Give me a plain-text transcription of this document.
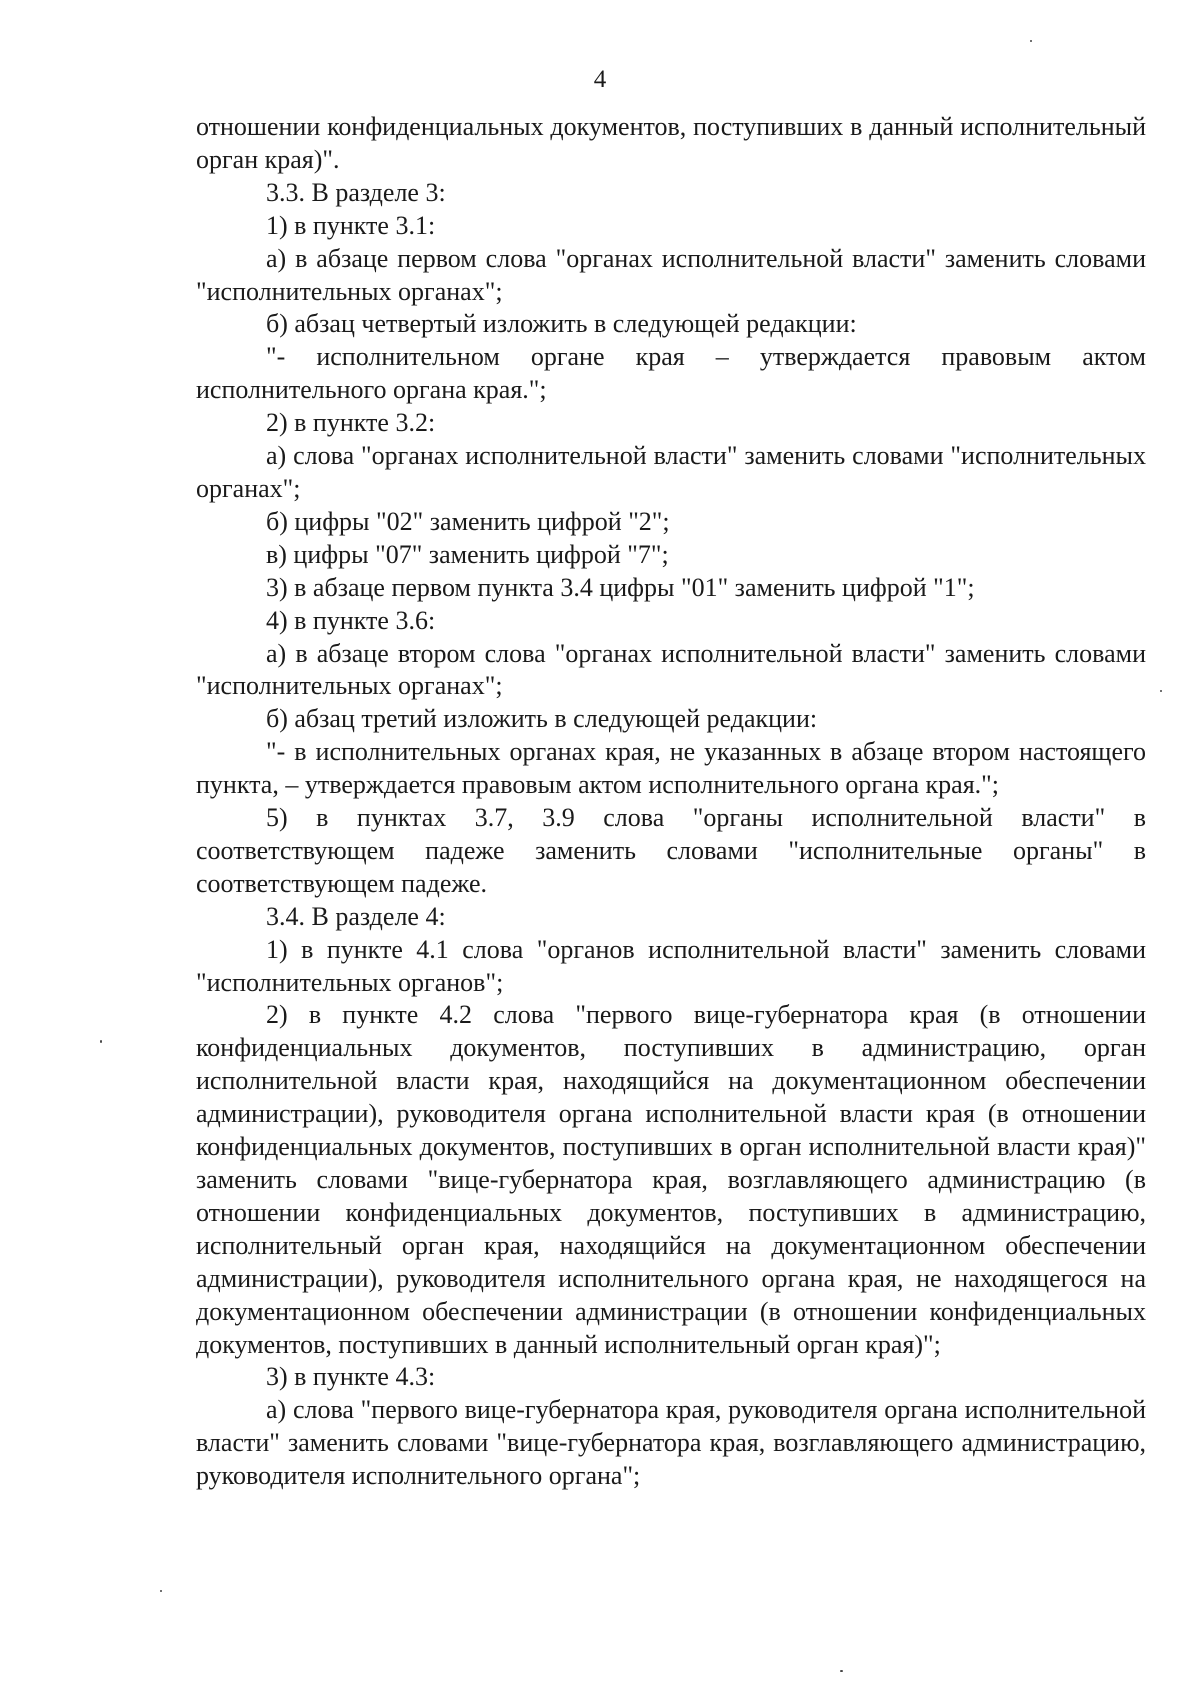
4

отношении конфиденциальных документов, поступивших в данный исполнительный орган края)".

3.3. В разделе 3:

1) в пункте 3.1:

а) в абзаце первом слова "органах исполнительной власти" заменить словами "исполнительных органах";

б) абзац четвертый изложить в следующей редакции:

"- исполнительном органе края – утверждается правовым актом исполнительного органа края.";

2) в пункте 3.2:

а) слова "органах исполнительной власти" заменить словами "исполнительных органах";

б) цифры "02" заменить цифрой "2";

в) цифры "07" заменить цифрой "7";

3) в абзаце первом пункта 3.4 цифры "01" заменить цифрой "1";

4) в пункте 3.6:

а) в абзаце втором слова "органах исполнительной власти" заменить словами "исполнительных органах";

б) абзац третий изложить в следующей редакции:

"- в исполнительных органах края, не указанных в абзаце втором настоящего пункта, – утверждается правовым актом исполнительного органа края.";

5) в пунктах 3.7, 3.9 слова "органы исполнительной власти" в соответствующем падеже заменить словами "исполнительные органы" в соответствующем падеже.

3.4. В разделе 4:

1) в пункте 4.1 слова "органов исполнительной власти" заменить словами "исполнительных органов";

2) в пункте 4.2 слова "первого вице-губернатора края (в отношении конфиденциальных документов, поступивших в администрацию, орган исполнительной власти края, находящийся на документационном обеспечении администрации), руководителя органа исполнительной власти края (в отношении конфиденциальных документов, поступивших в орган исполнительной власти края)" заменить словами "вице-губернатора края, возглавляющего администрацию (в отношении конфиденциальных документов, поступивших в администрацию, исполнительный орган края, находящийся на документационном обеспечении администрации), руководителя исполнительного органа края, не находящегося на документационном обеспечении администрации (в отношении конфиденциальных документов, поступивших в данный исполнительный орган края)";

3) в пункте 4.3:

а) слова "первого вице-губернатора края, руководителя органа исполнительной власти" заменить словами "вице-губернатора края, возглавляющего администрацию, руководителя исполнительного органа";
